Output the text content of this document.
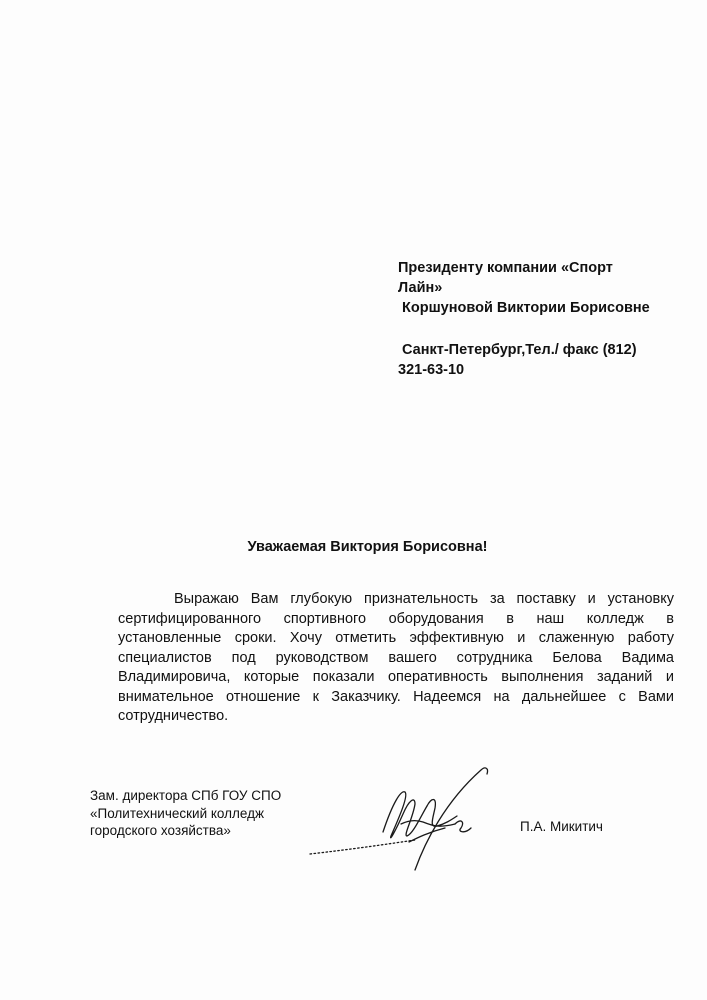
Президенту компании «Спорт
Лайн»
Коршуновой Виктории Борисовне
Санкт-Петербург,Тел./ факс (812)
321-63-10
Уважаемая Виктория Борисовна!
Выражаю Вам глубокую признательность за поставку и установку
сертифицированного спортивного оборудования в наш колледж в
установленные сроки. Хочу отметить эффективную и слаженную работу
специалистов под руководством вашего сотрудника Белова Вадима
Владимировича, которые показали оперативность выполнения заданий и
внимательное отношение к Заказчику. Надеемся на дальнейшее с Вами
сотрудничество.
Зам. директора СПб ГОУ СПО
«Политехнический колледж
городского хозяйства»	П.А. Микитич
